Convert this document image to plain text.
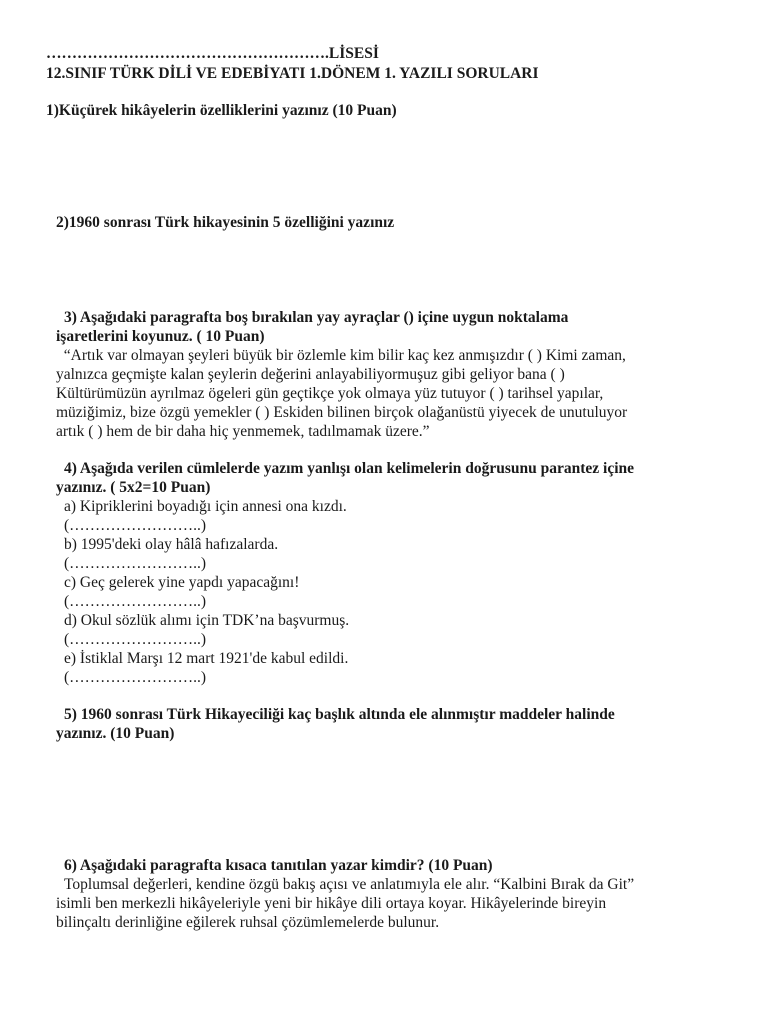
……………………………………………….LİSESİ
12.SINIF TÜRK DİLİ VE EDEBİYATI 1.DÖNEM 1. YAZILI SORULARI
1)Küçürek hikâyelerin özelliklerini yazınız (10 Puan)
2)1960 sonrası Türk hikayesinin 5 özelliğini yazınız
3) Aşağıdaki paragrafta boş bırakılan yay ayraçlar () içine uygun noktalama
işaretlerini koyunuz. ( 10 Puan)
“Artık var olmayan şeyleri büyük bir özlemle kim bilir kaç kez anmışızdır ( ) Kimi zaman,
yalnızca geçmişte kalan şeylerin değerini anlayabiliyormuşuz gibi geliyor bana ( )
Kültürümüzün ayrılmaz ögeleri gün geçtikçe yok olmaya yüz tutuyor ( ) tarihsel yapılar,
müziğimiz, bize özgü yemekler ( ) Eskiden bilinen birçok olağanüstü yiyecek de unutuluyor
artık ( ) hem de bir daha hiç yenmemek, tadılmamak üzere.”
4) Aşağıda verilen cümlelerde yazım yanlışı olan kelimelerin doğrusunu parantez içine
yazınız. ( 5x2=10 Puan)
a) Kipriklerini boyadığı için annesi ona kızdı.
(……………………..)
b) 1995'deki olay hâlâ hafızalarda.
(……………………..)
c) Geç gelerek yine yapdı yapacağını!
(……………………..)
d) Okul sözlük alımı için TDK’na başvurmuş.
(……………………..)
e) İstiklal Marşı 12 mart 1921'de kabul edildi.
(……………………..)
5) 1960 sonrası Türk Hikayeciliği kaç başlık altında ele alınmıştır maddeler halinde
yazınız. (10 Puan)
6) Aşağıdaki paragrafta kısaca tanıtılan yazar kimdir? (10 Puan)
Toplumsal değerleri, kendine özgü bakış açısı ve anlatımıyla ele alır. “Kalbini Bırak da Git”
isimli ben merkezli hikâyeleriyle yeni bir hikâye dili ortaya koyar. Hikâyelerinde bireyin
bilinçaltı derinliğine eğilerek ruhsal çözümlemelerde bulunur.
